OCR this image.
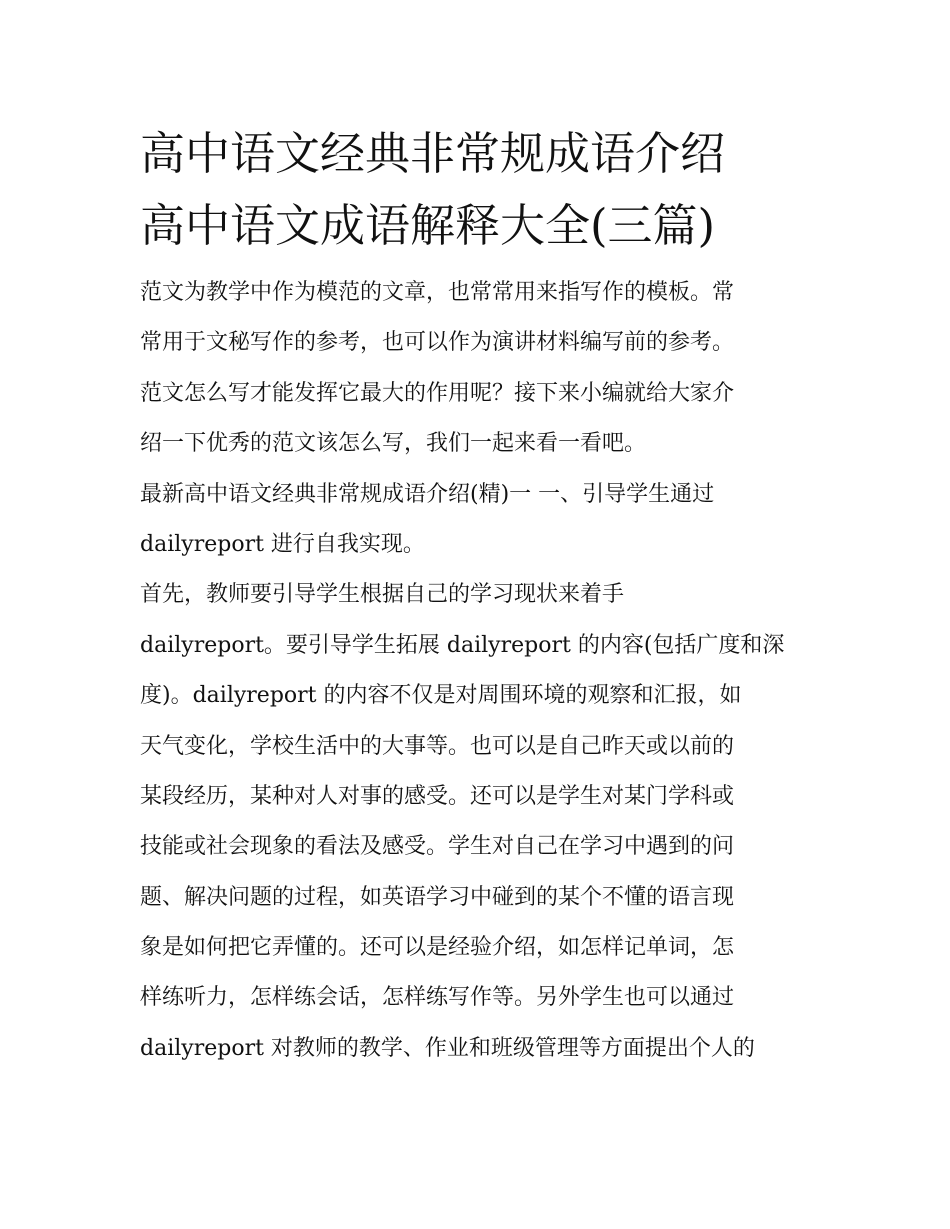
高中语文经典非常规成语介绍
高中语文成语解释大全(三篇)
范文为教学中作为模范的文章，也常常用来指写作的模板。常
常用于文秘写作的参考，也可以作为演讲材料编写前的参考。
范文怎么写才能发挥它最大的作用呢？接下来小编就给大家介
绍一下优秀的范文该怎么写，我们一起来看一看吧。
最新高中语文经典非常规成语介绍(精)一 一、引导学生通过
dailyreport 进行自我实现。
首先，教师要引导学生根据自己的学习现状来着手
dailyreport。要引导学生拓展 dailyreport 的内容(包括广度和深
度)。dailyreport 的内容不仅是对周围环境的观察和汇报，如
天气变化，学校生活中的大事等。也可以是自己昨天或以前的
某段经历，某种对人对事的感受。还可以是学生对某门学科或
技能或社会现象的看法及感受。学生对自己在学习中遇到的问
题、解决问题的过程，如英语学习中碰到的某个不懂的语言现
象是如何把它弄懂的。还可以是经验介绍，如怎样记单词，怎
样练听力，怎样练会话，怎样练写作等。另外学生也可以通过
dailyreport 对教师的教学、作业和班级管理等方面提出个人的
